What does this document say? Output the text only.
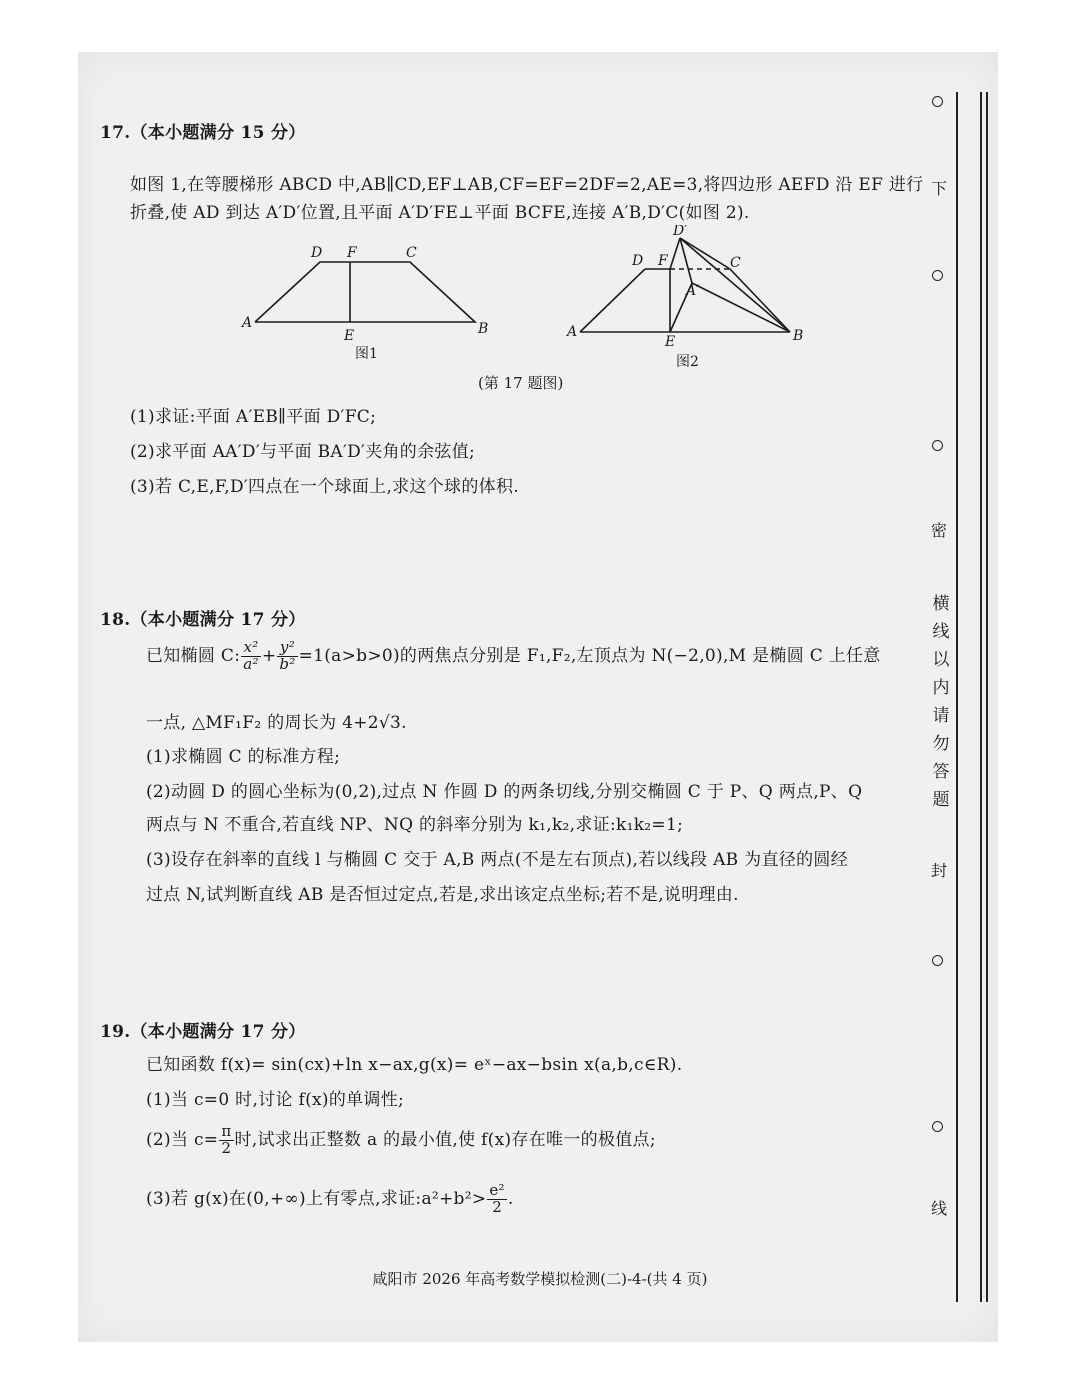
17.（本小题满分 15 分）
如图 1,在等腰梯形 ABCD 中,AB∥CD,EF⊥AB,CF=EF=2DF=2,AE=3,将四边形 AEFD 沿 EF 进行
折叠,使 AD 到达 A′D′位置,且平面 A′D′FE⊥平面 BCFE,连接 A′B,D′C(如图 2).
D F	C
A
E	B
图1
D′
D F	C
A′
A
E	B
图2
(第 17 题图)
(1)求证:平面 A′EB∥平面 D′FC;
(2)求平面 AA′D′与平面 BA′D′夹角的余弦值;
(3)若 C,E,F,D′四点在一个球面上,求这个球的体积.
18.（本小题满分 17 分）
已知椭圆 C: $\frac{\text{x²}}{\text{a²}} + \frac{\text{y²}}{\text{b²}} =1(a>b>0)$的两焦点分别是 F₁,F₂,左顶点为 N(−2,0),M 是椭圆 C 上任意
一点, △MF₁F₂ 的周长为 4+2√3.
(1)求椭圆 C 的标准方程;
(2)动圆 D 的圆心坐标为(0,2),过点 N 作圆 D 的两条切线,分别交椭圆 C 于 P、Q 两点,P、Q
两点与 N 不重合,若直线 NP、NQ 的斜率分别为 k₁,k₂,求证:k₁k₂=1;
(3)设存在斜率的直线 l 与椭圆 C 交于 A,B 两点(不是左右顶点),若以线段 AB 为直径的圆经
过点 N,试判断直线 AB 是否恒过定点,若是,求出该定点坐标;若不是,说明理由.
19.（本小题满分 17 分）
已知函数 f(x)= sin(cx)+ln x−ax,g(x)= eˣ−ax−bsin x(a,b,c∈R).
(1)当 c=0 时,讨论 f(x)的单调性;
(2)当 $c= \frac{\pi}{2}$ 时,试求出正整数 a 的最小值,使 f(x)存在唯一的极值点;
(3)若 g(x)在(0,+∞)上有零点,求证:a²+b²> $\frac{\text{e²}}{2}$ .
下
密
封
线
横
线
以
内
请
勿
答
题
咸阳市 2026 年高考数学模拟检测(二)-4-(共 4 页)
